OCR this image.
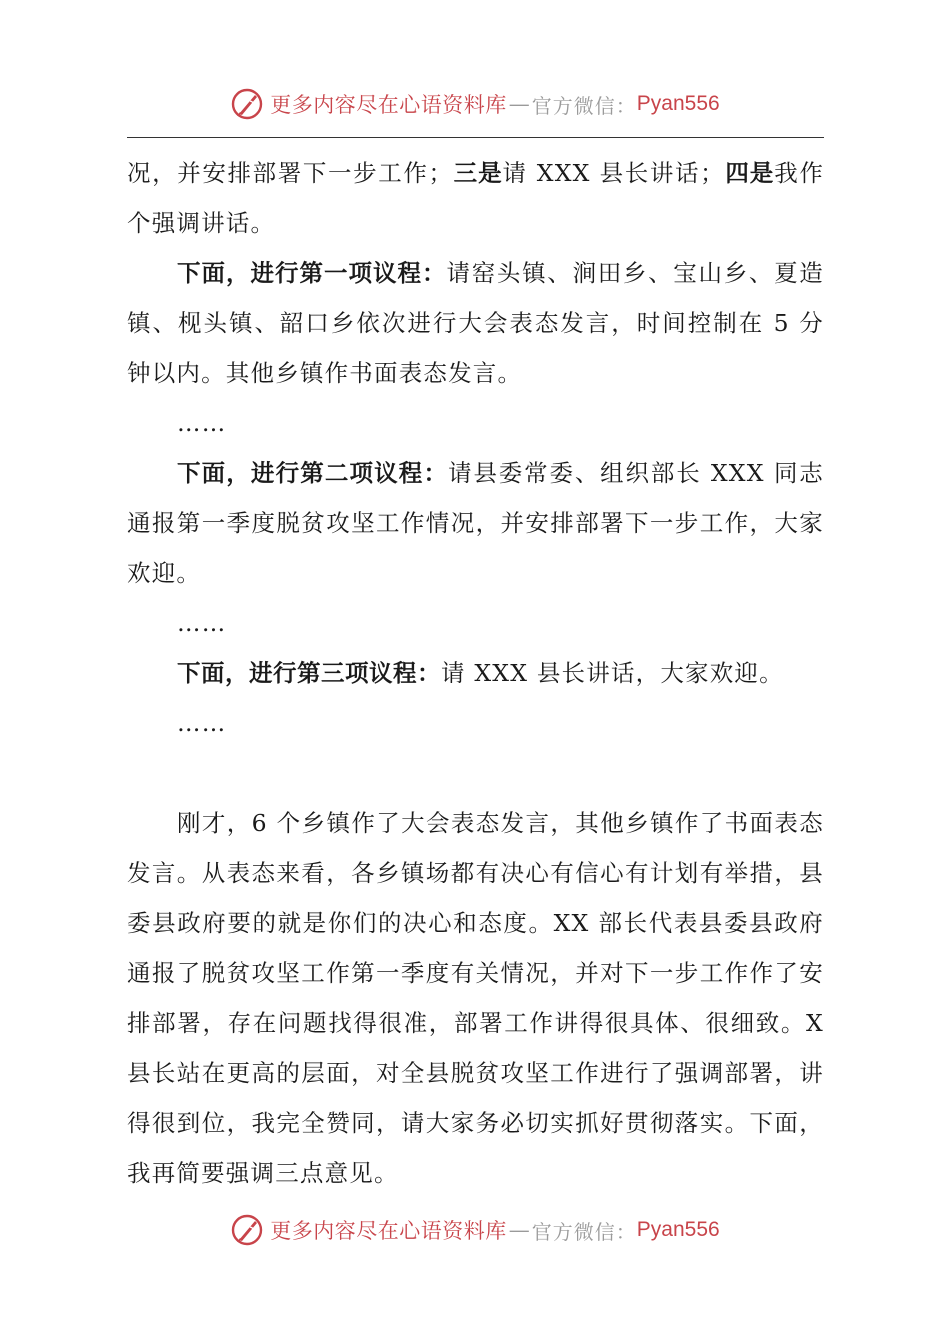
更多内容尽在心语资料库 — 官方微信： Pyan556

况，并安排部署下一步工作；三是请 XXX 县长讲话；四是我作个强调讲话。

下面，进行第一项议程：请窑头镇、涧田乡、宝山乡、夏造镇、枧头镇、韶口乡依次进行大会表态发言，时间控制在 5 分钟以内。其他乡镇作书面表态发言。

……

下面，进行第二项议程：请县委常委、组织部长 XXX 同志通报第一季度脱贫攻坚工作情况，并安排部署下一步工作，大家欢迎。

……

下面，进行第三项议程：请 XXX 县长讲话，大家欢迎。

……

刚才，6 个乡镇作了大会表态发言，其他乡镇作了书面表态发言。从表态来看，各乡镇场都有决心有信心有计划有举措，县委县政府要的就是你们的决心和态度。XX 部长代表县委县政府通报了脱贫攻坚工作第一季度有关情况，并对下一步工作作了安排部署，存在问题找得很准，部署工作讲得很具体、很细致。X 县长站在更高的层面，对全县脱贫攻坚工作进行了强调部署，讲得很到位，我完全赞同，请大家务必切实抓好贯彻落实。下面，我再简要强调三点意见。

更多内容尽在心语资料库 — 官方微信： Pyan556
